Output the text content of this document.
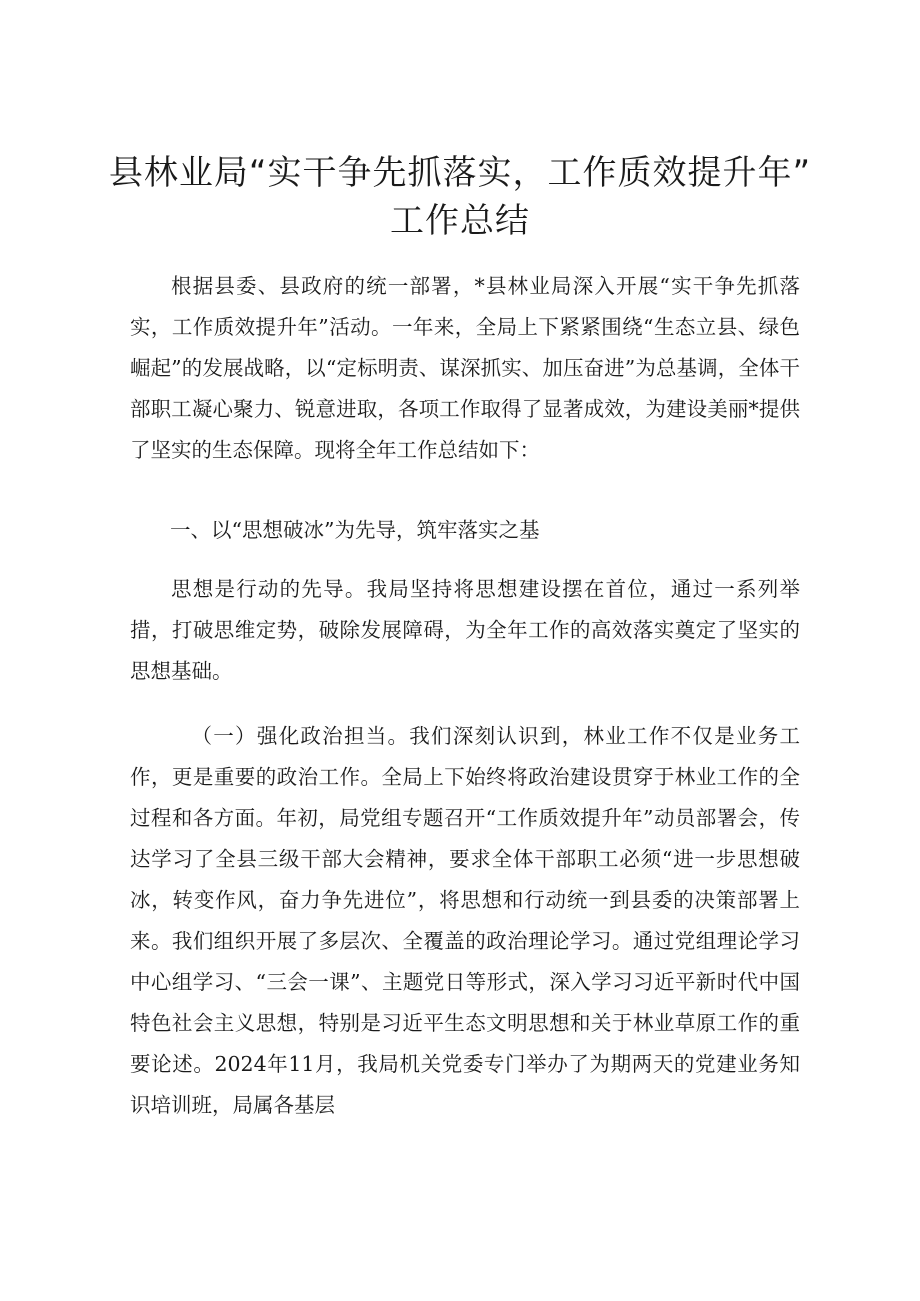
县林业局“实干争先抓落实，工作质效提升年”
工作总结

根据县委、县政府的统一部署，*县林业局深入开展“实干争先抓落实，工作质效提升年”活动。一年来，全局上下紧紧围绕“生态立县、绿色崛起”的发展战略，以“定标明责、谋深抓实、加压奋进”为总基调，全体干部职工凝心聚力、锐意进取，各项工作取得了显著成效，为建设美丽*提供了坚实的生态保障。现将全年工作总结如下：

一、以“思想破冰”为先导，筑牢落实之基

思想是行动的先导。我局坚持将思想建设摆在首位，通过一系列举措，打破思维定势，破除发展障碍，为全年工作的高效落实奠定了坚实的思想基础。

（一）强化政治担当。我们深刻认识到，林业工作不仅是业务工作，更是重要的政治工作。全局上下始终将政治建设贯穿于林业工作的全过程和各方面。年初，局党组专题召开“工作质效提升年”动员部署会，传达学习了全县三级干部大会精神，要求全体干部职工必须“进一步思想破冰，转变作风，奋力争先进位”，将思想和行动统一到县委的决策部署上来。我们组织开展了多层次、全覆盖的政治理论学习。通过党组理论学习中心组学习、“三会一课”、主题党日等形式，深入学习习近平新时代中国特色社会主义思想，特别是习近平生态文明思想和关于林业草原工作的重要论述。2024年11月，我局机关党委专门举办了为期两天的党建业务知识培训班，局属各基层
